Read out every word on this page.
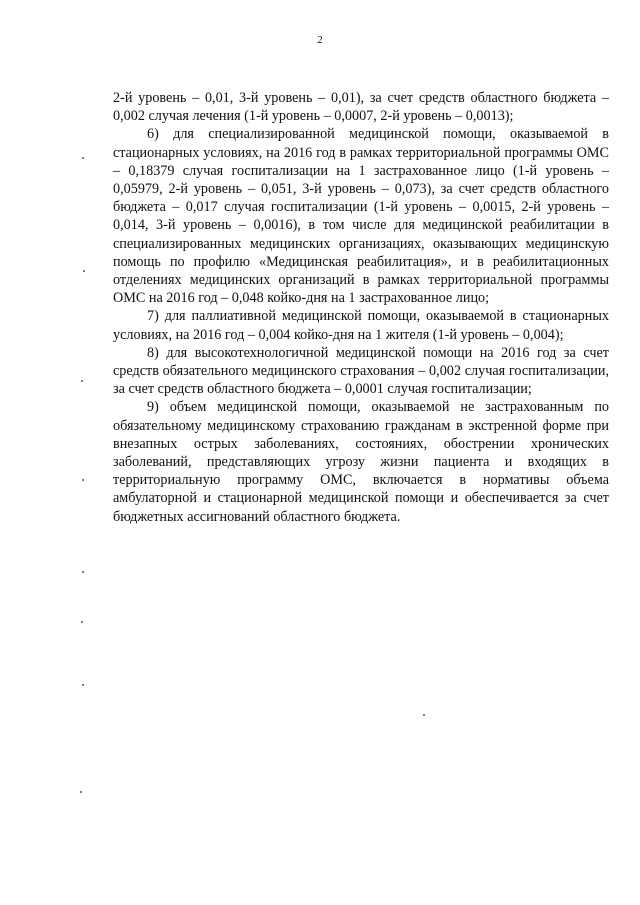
2

2-й уровень – 0,01, 3-й уровень – 0,01), за счет средств областного бюджета – 0,002 случая лечения (1-й уровень – 0,0007, 2-й уровень – 0,0013);

6) для специализированной медицинской помощи, оказываемой в стационарных условиях, на 2016 год в рамках территориальной программы ОМС – 0,18379 случая госпитализации на 1 застрахованное лицо (1-й уровень – 0,05979, 2-й уровень – 0,051, 3-й уровень – 0,073), за счет средств областного бюджета – 0,017 случая госпитализации (1-й уровень – 0,0015, 2-й уровень – 0,014, 3-й уровень – 0,0016), в том числе для медицинской реабилитации в специализированных медицинских организациях, оказывающих медицинскую помощь по профилю «Медицинская реабилитация», и в реабилитационных отделениях медицинских организаций в рамках территориальной программы ОМС на 2016 год – 0,048 койко-дня на 1 застрахованное лицо;

7) для паллиативной медицинской помощи, оказываемой в стационарных условиях, на 2016 год – 0,004 койко-дня на 1 жителя (1-й уровень – 0,004);

8) для высокотехнологичной медицинской помощи на 2016 год за счет средств обязательного медицинского страхования – 0,002 случая госпитализации, за счет средств областного бюджета – 0,0001 случая госпитализации;

9) объем медицинской помощи, оказываемой не застрахованным по обязательному медицинскому страхованию гражданам в экстренной форме при внезапных острых заболеваниях, состояниях, обострении хронических заболеваний, представляющих угрозу жизни пациента и входящих в территориальную программу ОМС, включается в нормативы объема амбулаторной и стационарной медицинской помощи и обеспечивается за счет бюджетных ассигнований областного бюджета.
